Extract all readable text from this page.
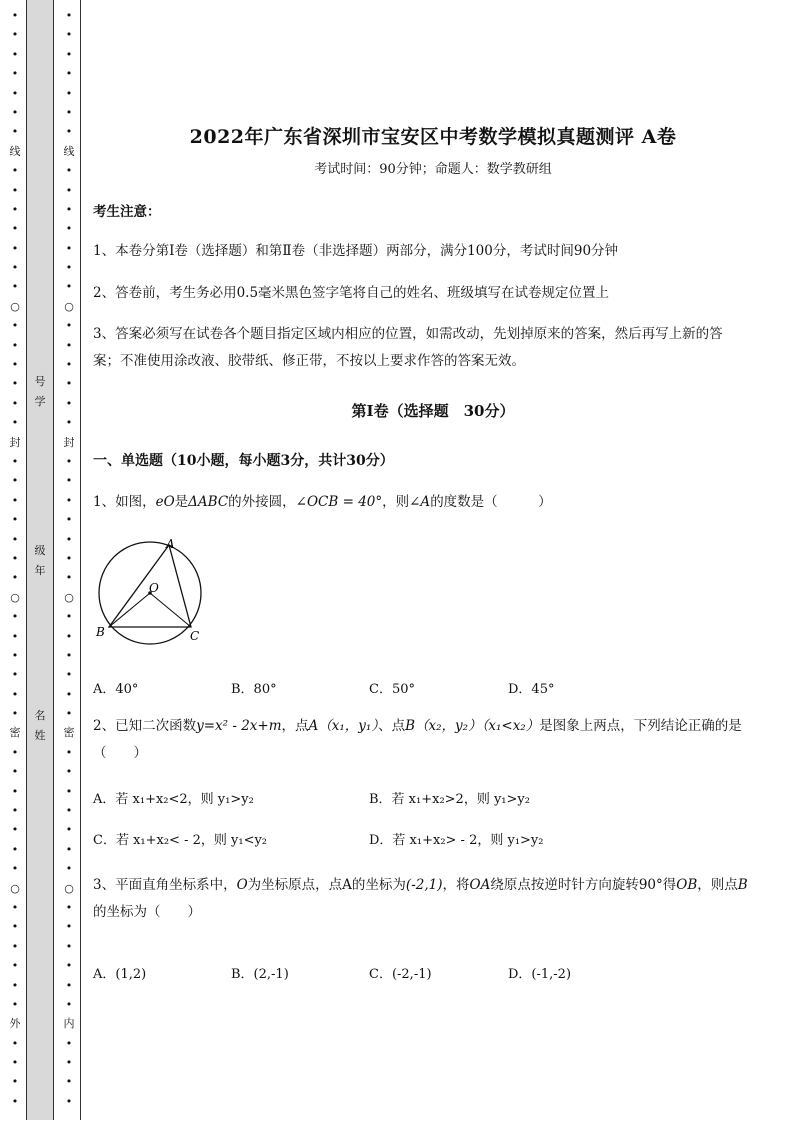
•
•
•
•
•
•
•
线
•
•
•
•
•
•
•
○
•
•
•
•
•
•
封
•
•
•
•
•
•
•
○
•
•
•
•
•
•
密
•
•
•
•
•
•
•
○
•
•
•
•
•
•
外
•
•
•
•
号
学
级
年
名
姓
•
•
•
•
•
•
•
线
•
•
•
•
•
•
•
○
•
•
•
•
•
•
封
•
•
•
•
•
•
•
○
•
•
•
•
•
•
密
•
•
•
•
•
•
•
○
•
•
•
•
•
•
内
•
•
•
•
2022年广东省深圳市宝安区中考数学模拟真题测评 A卷
考试时间：90分钟；命题人：数学教研组
考生注意：
1、本卷分第I卷（选择题）和第Ⅱ卷（非选择题）两部分，满分100分，考试时间90分钟
2、答卷前，考生务必用0.5毫米黑色签字笔将自己的姓名、班级填写在试卷规定位置上
3、答案必须写在试卷各个题目指定区域内相应的位置，如需改动，先划掉原来的答案，然后再写上新的答案；不准使用涂改液、胶带纸、修正带，不按以上要求作答的答案无效。
第I卷（选择题　30分）
一、单选题（10小题，每小题3分，共计30分）
1、如图，eO是ΔABC的外接圆，∠OCB = 40°，则∠A的度数是（　　　）
A．40°	B．80°	C．50°	D．45°
2、已知二次函数y=x² - 2x+m，点A（x₁，y₁）、点B（x₂，y₂）（x₁<x₂）是图象上两点，下列结论正确的是（　　）
A．若 x₁+x₂<2，则 y₁>y₂	B．若 x₁+x₂>2，则 y₁>y₂
C．若 x₁+x₂< - 2，则 y₁<y₂	D．若 x₁+x₂> - 2，则 y₁>y₂
3、平面直角坐标系中，O为坐标原点，点A的坐标为(-2,1)，将OA绕原点按逆时针方向旋转90°得OB，则点B的坐标为（　　）
A．(1,2)	B．(2,-1)	C．(-2,-1)	D．(-1,-2)
A
O
B	C
